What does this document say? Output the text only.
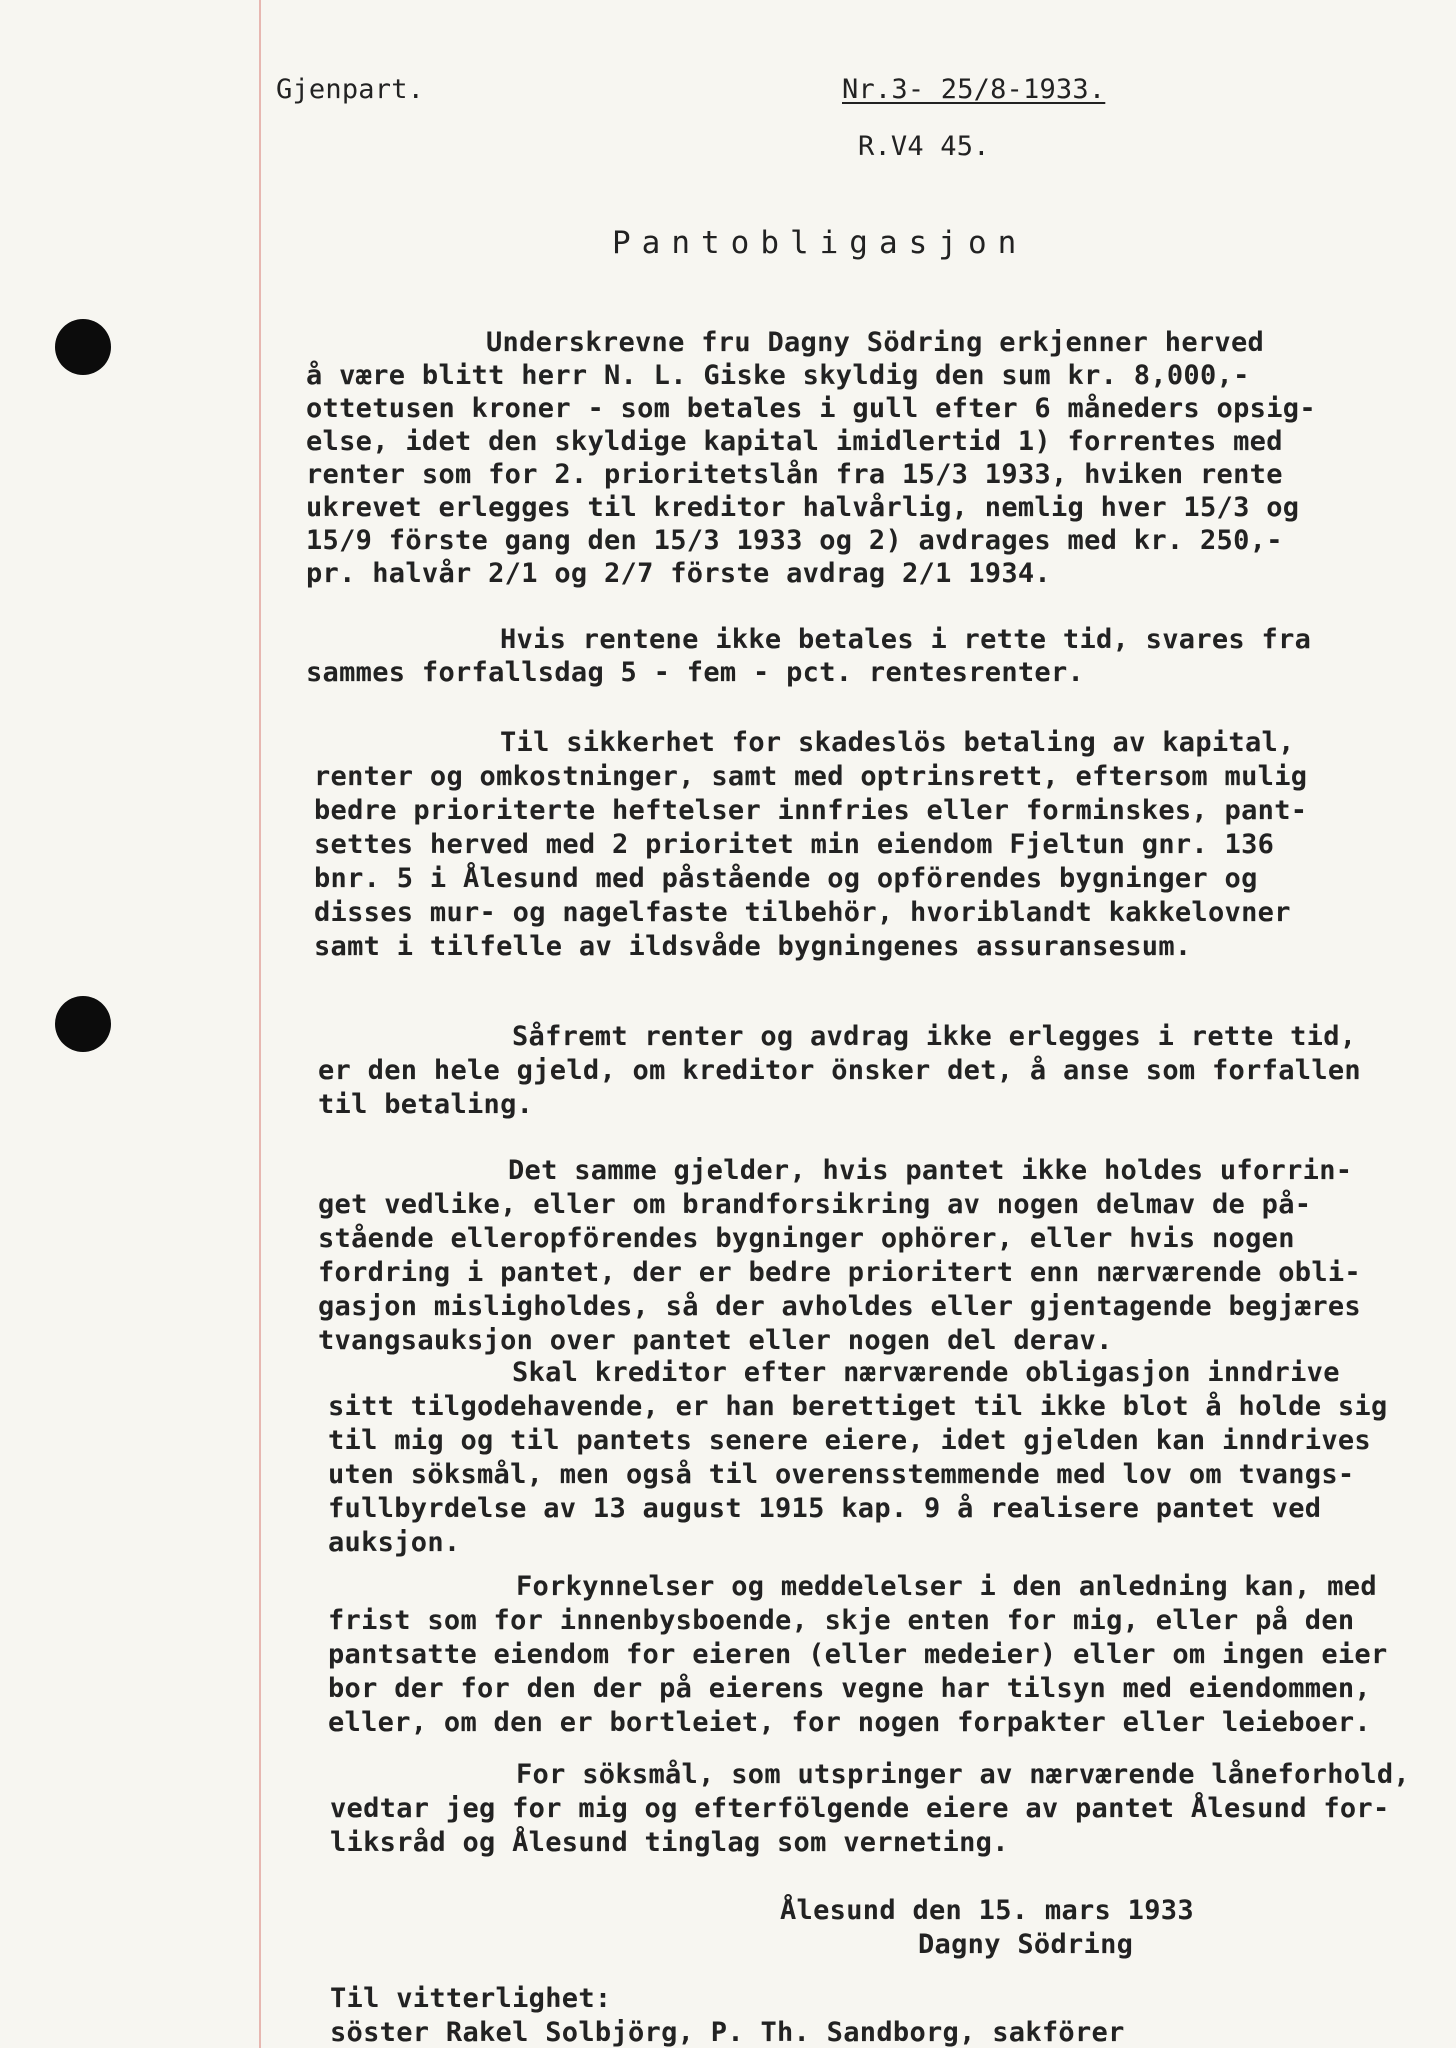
Gjenpart.	Nr.3- 25/8-1933.
R.V4 45.
Pantobligasjon
Underskrevne fru Dagny Södring erkjenner herved
å være blitt herr N. L. Giske skyldig den sum kr. 8,000,-
ottetusen kroner - som betales i gull efter 6 måneders opsig-
else, idet den skyldige kapital imidlertid 1) forrentes med
renter som for 2. prioritetslån fra 15/3 1933, hviken rente
ukrevet erlegges til kreditor halvårlig, nemlig hver 15/3 og
15/9 förste gang den 15/3 1933 og 2) avdrages med kr. 250,-
pr. halvår 2/1 og 2/7 förste avdrag 2/1 1934.
Hvis rentene ikke betales i rette tid, svares fra
sammes forfallsdag 5 - fem - pct. rentesrenter.
Til sikkerhet for skadeslös betaling av kapital,
renter og omkostninger, samt med optrinsrett, eftersom mulig
bedre prioriterte heftelser innfries eller forminskes, pant-
settes herved med 2 prioritet min eiendom Fjeltun gnr. 136
bnr. 5 i Ålesund med påstående og opförendes bygninger og
disses mur- og nagelfaste tilbehör, hvoriblandt kakkelovner
samt i tilfelle av ildsvåde bygningenes assuransesum.
Såfremt renter og avdrag ikke erlegges i rette tid,
er den hele gjeld, om kreditor önsker det, å anse som forfallen
til betaling.
Det samme gjelder, hvis pantet ikke holdes uforrin-
get vedlike, eller om brandforsikring av nogen delmav de på-
stående elleropförendes bygninger ophörer, eller hvis nogen
fordring i pantet, der er bedre prioritert enn nærværende obli-
gasjon misligholdes, så der avholdes eller gjentagende begjæres
tvangsauksjon over pantet eller nogen del derav.
Skal kreditor efter nærværende obligasjon inndrive
sitt tilgodehavende, er han berettiget til ikke blot å holde sig
til mig og til pantets senere eiere, idet gjelden kan inndrives
uten söksmål, men også til overensstemmende med lov om tvangs-
fullbyrdelse av 13 august 1915 kap. 9 å realisere pantet ved
auksjon.
Forkynnelser og meddelelser i den anledning kan, med
frist som for innenbysboende, skje enten for mig, eller på den
pantsatte eiendom for eieren (eller medeier) eller om ingen eier
bor der for den der på eierens vegne har tilsyn med eiendommen,
eller, om den er bortleiet, for nogen forpakter eller leieboer.
For söksmål, som utspringer av nærværende låneforhold,
vedtar jeg for mig og efterfölgende eiere av pantet Ålesund for-
liksråd og Ålesund tinglag som verneting.
Ålesund den 15. mars 1933
Dagny Södring
Til vitterlighet:
söster Rakel Solbjörg, P. Th. Sandborg, sakförer
